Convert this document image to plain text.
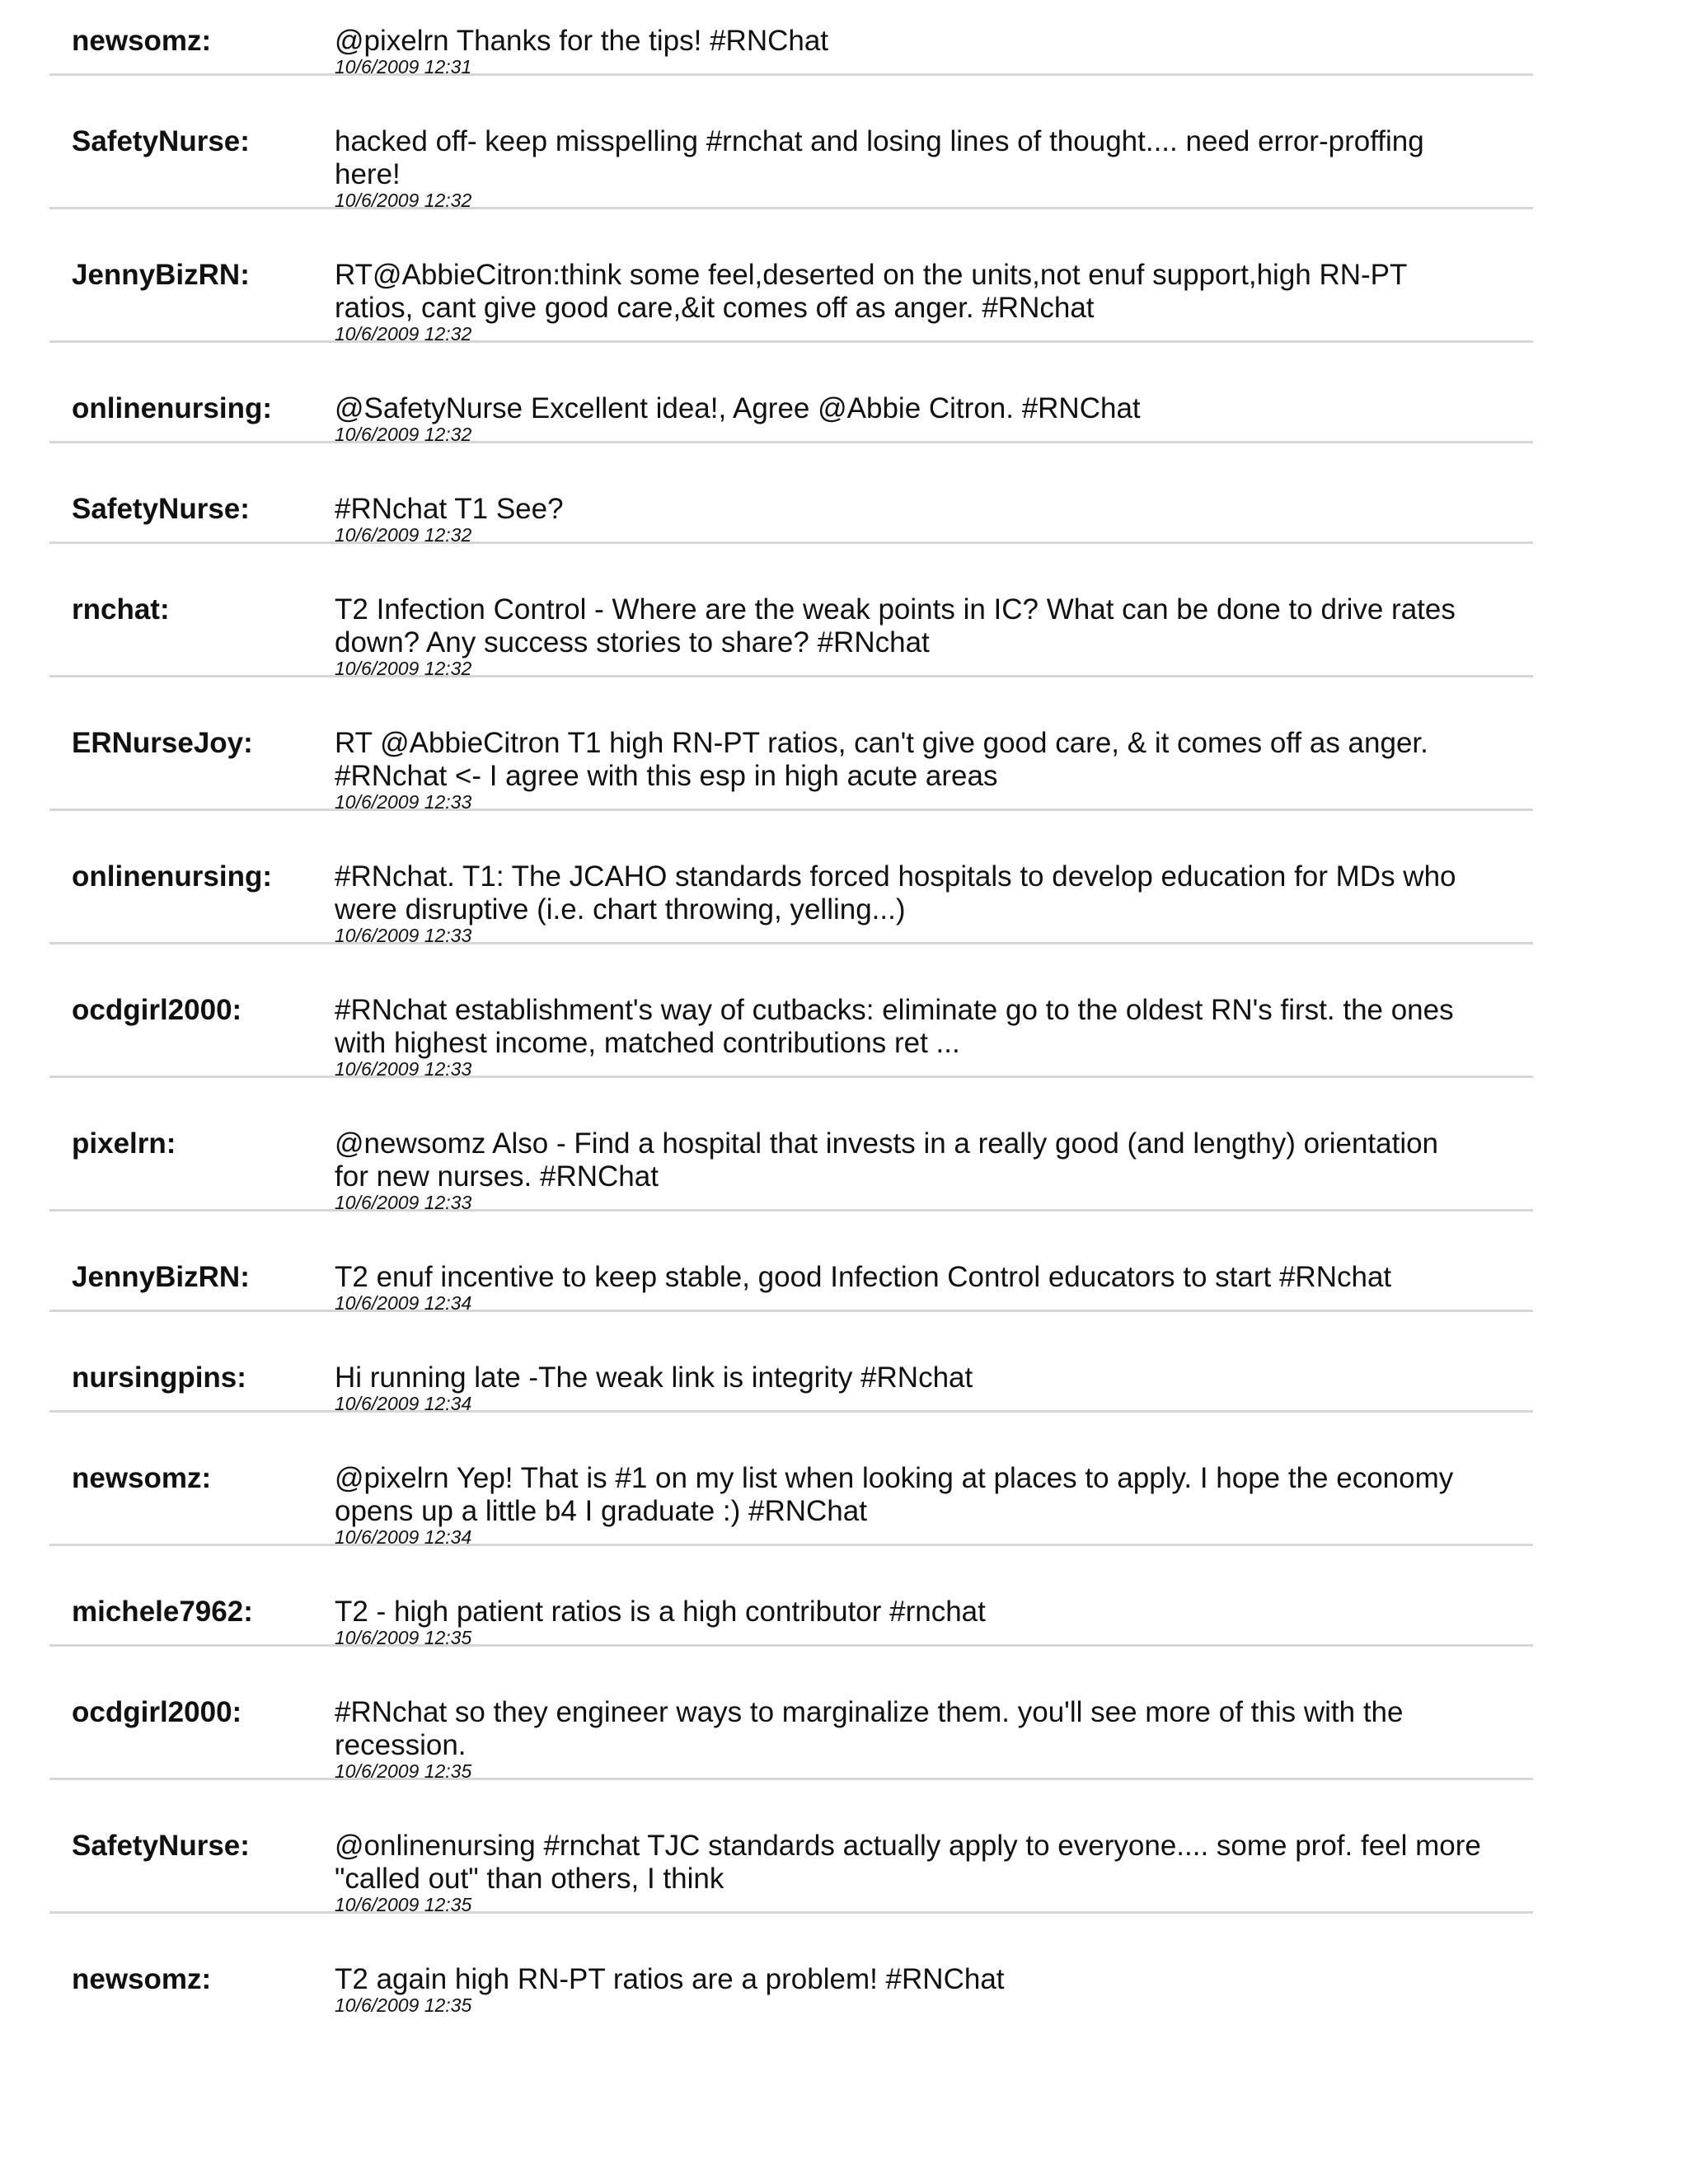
newsomz:	@pixelrn Thanks for the tips! #RNChat
10/6/2009 12:31
SafetyNurse:	hacked off- keep misspelling #rnchat and losing lines of thought.... need error-proffing
here!
10/6/2009 12:32
JennyBizRN:	RT@AbbieCitron:think some feel,deserted on the units,not enuf support,high RN-PT
ratios, cant give good care,&it comes off as anger. #RNchat
10/6/2009 12:32
onlinenursing: @SafetyNurse Excellent idea!, Agree @Abbie Citron. #RNChat
10/6/2009 12:32
SafetyNurse:	#RNchat T1 See?
10/6/2009 12:32
rnchat:	T2 Infection Control - Where are the weak points in IC? What can be done to drive rates
down? Any success stories to share? #RNchat
10/6/2009 12:32
ERNurseJoy:	RT @AbbieCitron T1 high RN-PT ratios, can't give good care, & it comes off as anger.
#RNchat <- I agree with this esp in high acute areas
10/6/2009 12:33
onlinenursing: #RNchat. T1: The JCAHO standards forced hospitals to develop education for MDs who
were disruptive (i.e. chart throwing, yelling...)
10/6/2009 12:33
ocdgirl2000:	#RNchat establishment's way of cutbacks: eliminate go to the oldest RN's first. the ones
with highest income, matched contributions ret ...
10/6/2009 12:33
pixelrn:	@newsomz Also - Find a hospital that invests in a really good (and lengthy) orientation
for new nurses. #RNChat
10/6/2009 12:33
JennyBizRN:	T2 enuf incentive to keep stable, good Infection Control educators to start #RNchat
10/6/2009 12:34
nursingpins:	Hi running late -The weak link is integrity #RNchat
10/6/2009 12:34
newsomz:	@pixelrn Yep! That is #1 on my list when looking at places to apply. I hope the economy
opens up a little b4 I graduate :) #RNChat
10/6/2009 12:34
michele7962:	T2 - high patient ratios is a high contributor #rnchat
10/6/2009 12:35
ocdgirl2000:	#RNchat so they engineer ways to marginalize them. you'll see more of this with the
recession.
10/6/2009 12:35
SafetyNurse:	@onlinenursing #rnchat TJC standards actually apply to everyone.... some prof. feel more
"called out" than others, I think
10/6/2009 12:35
newsomz:	T2 again high RN-PT ratios are a problem! #RNChat
10/6/2009 12:35
